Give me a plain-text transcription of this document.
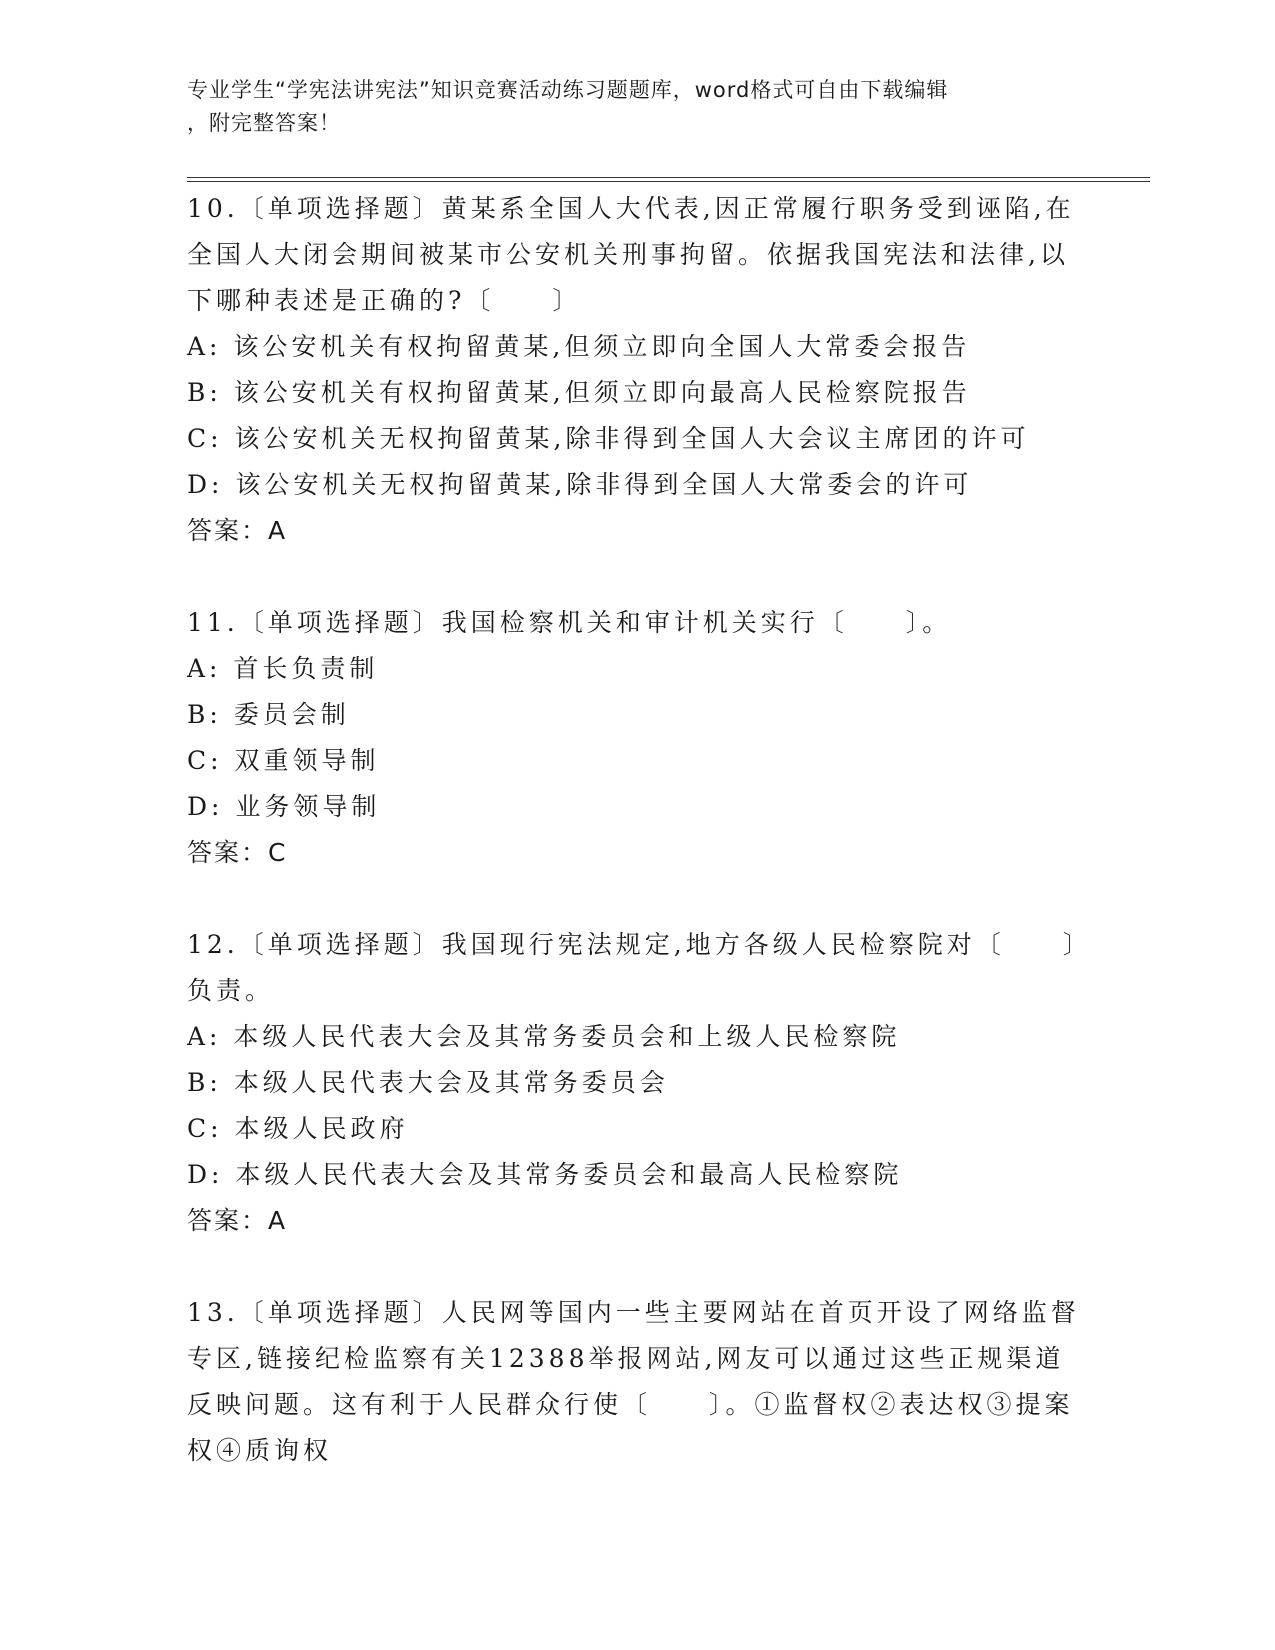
专业学生“学宪法讲宪法”知识竞赛活动练习题题库，word格式可自由下载编辑
，附完整答案！
10.〔单项选择题〕黄某系全国人大代表,因正常履行职务受到诬陷,在
全国人大闭会期间被某市公安机关刑事拘留。依据我国宪法和法律,以
下哪种表述是正确的?〔　　〕
A: 该公安机关有权拘留黄某,但须立即向全国人大常委会报告
B: 该公安机关有权拘留黄某,但须立即向最高人民检察院报告
C: 该公安机关无权拘留黄某,除非得到全国人大会议主席团的许可
D: 该公安机关无权拘留黄某,除非得到全国人大常委会的许可
答案：A
11.〔单项选择题〕我国检察机关和审计机关实行〔　　〕。
A: 首长负责制
B: 委员会制
C: 双重领导制
D: 业务领导制
答案：C
12.〔单项选择题〕我国现行宪法规定,地方各级人民检察院对〔　　〕
负责。
A: 本级人民代表大会及其常务委员会和上级人民检察院
B: 本级人民代表大会及其常务委员会
C: 本级人民政府
D: 本级人民代表大会及其常务委员会和最高人民检察院
答案：A
13.〔单项选择题〕人民网等国内一些主要网站在首页开设了网络监督
专区,链接纪检监察有关12388举报网站,网友可以通过这些正规渠道
反映问题。这有利于人民群众行使〔　　〕。①监督权②表达权③提案
权④质询权
